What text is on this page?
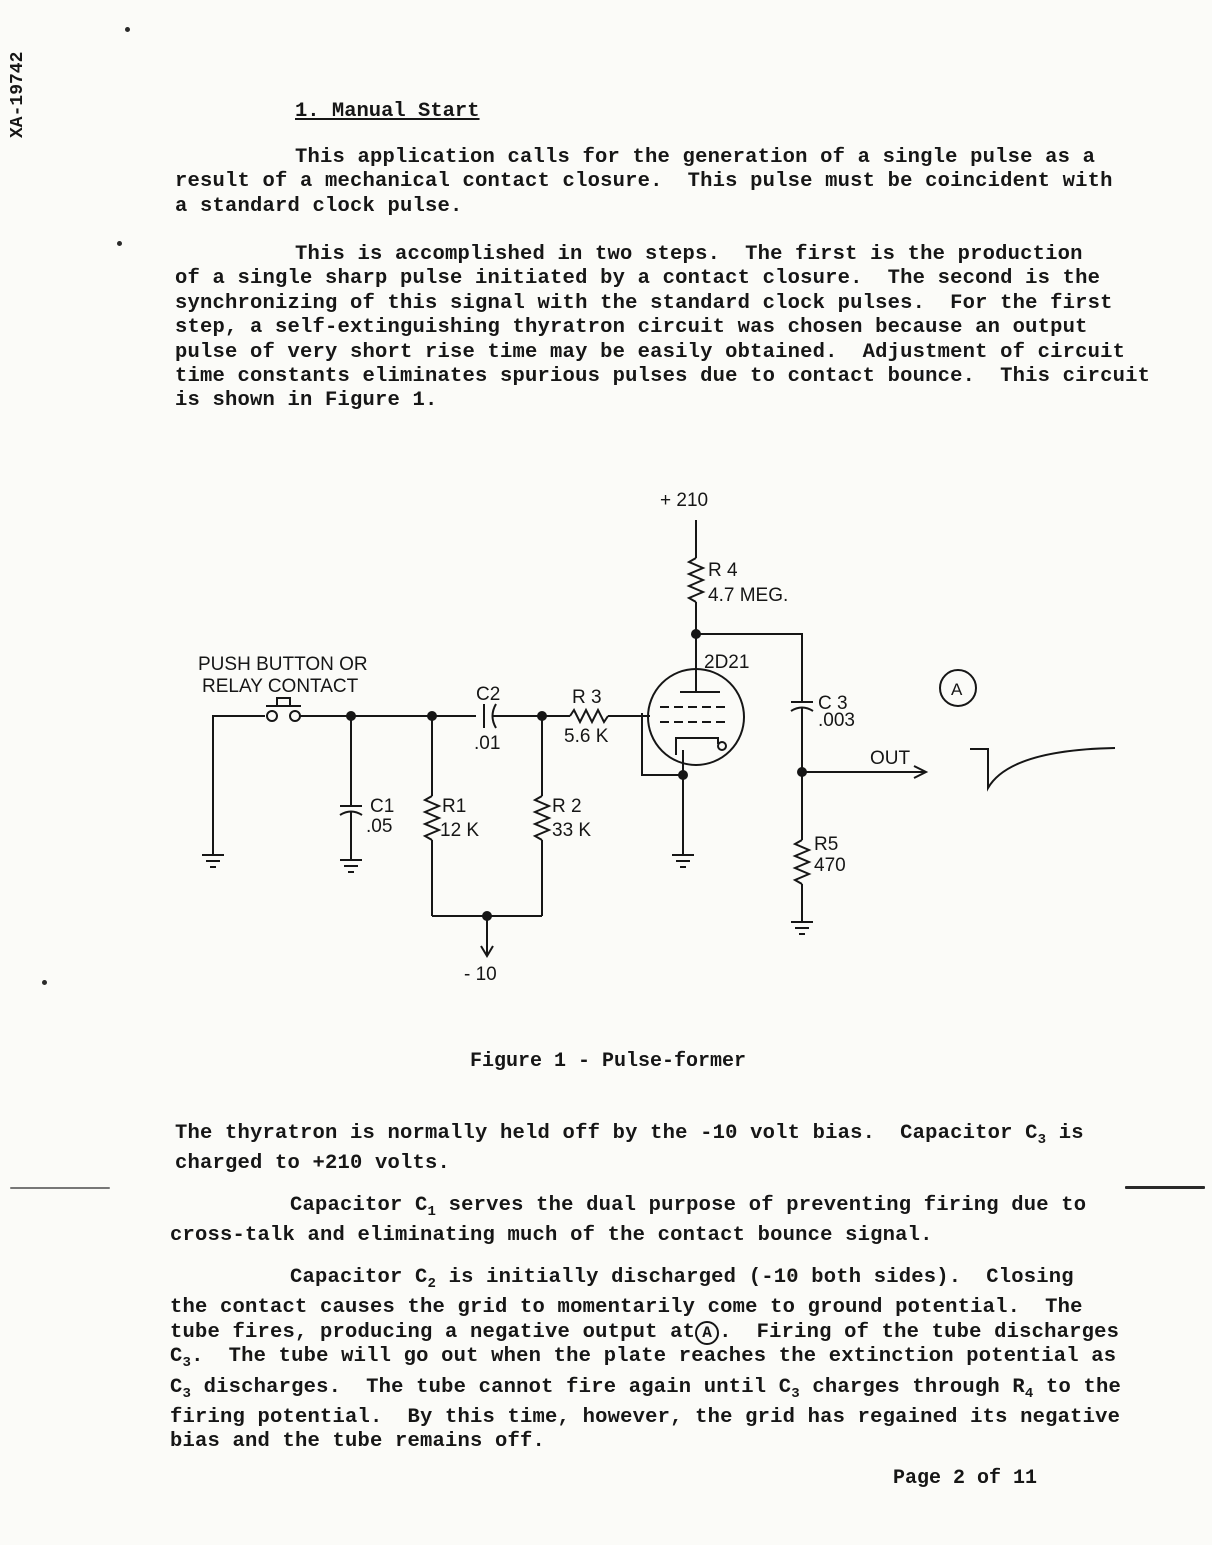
XA-19742	1. Manual Start
This application calls for the generation of a single pulse as a
result of a mechanical contact closure.  This pulse must be coincident with
a standard clock pulse.
This is accomplished in two steps.  The first is the production
of a single sharp pulse initiated by a contact closure.  The second is the
synchronizing of this signal with the standard clock pulses.  For the first
step, a self-extinguishing thyratron circuit was chosen because an output
pulse of very short rise time may be easily obtained.  Adjustment of circuit
time constants eliminates spurious pulses due to contact bounce.  This circuit
is shown in Figure 1.
+ 210
R 4
4.7 MEG.
2D21
PUSH BUTTON OR
RELAY CONTACT
C1
.05
C2
.01
R 3
5.6 K
R1
12 K
R 2
33 K
- 10
C 3
.003
OUT
R5
470
A
Figure 1 - Pulse-former
The thyratron is normally held off by the -10 volt bias.  Capacitor $C_3$ is
charged to +210 volts.
Capacitor $C_1$ serves the dual purpose of preventing firing due to
cross-talk and eliminating much of the contact bounce signal.
Capacitor $C_2$ is initially discharged (-10 both sides).  Closing
the contact causes the grid to momentarily come to ground potential.  The
tube fires, producing a negative output at A .  Firing of the tube discharges
$C_3$.  The tube will go out when the plate reaches the extinction potential as
$C_3$ discharges.  The tube cannot fire again until $C_3$ charges through $R_4$ to the
firing potential.  By this time, however, the grid has regained its negative
bias and the tube remains off.
Page 2 of 11
